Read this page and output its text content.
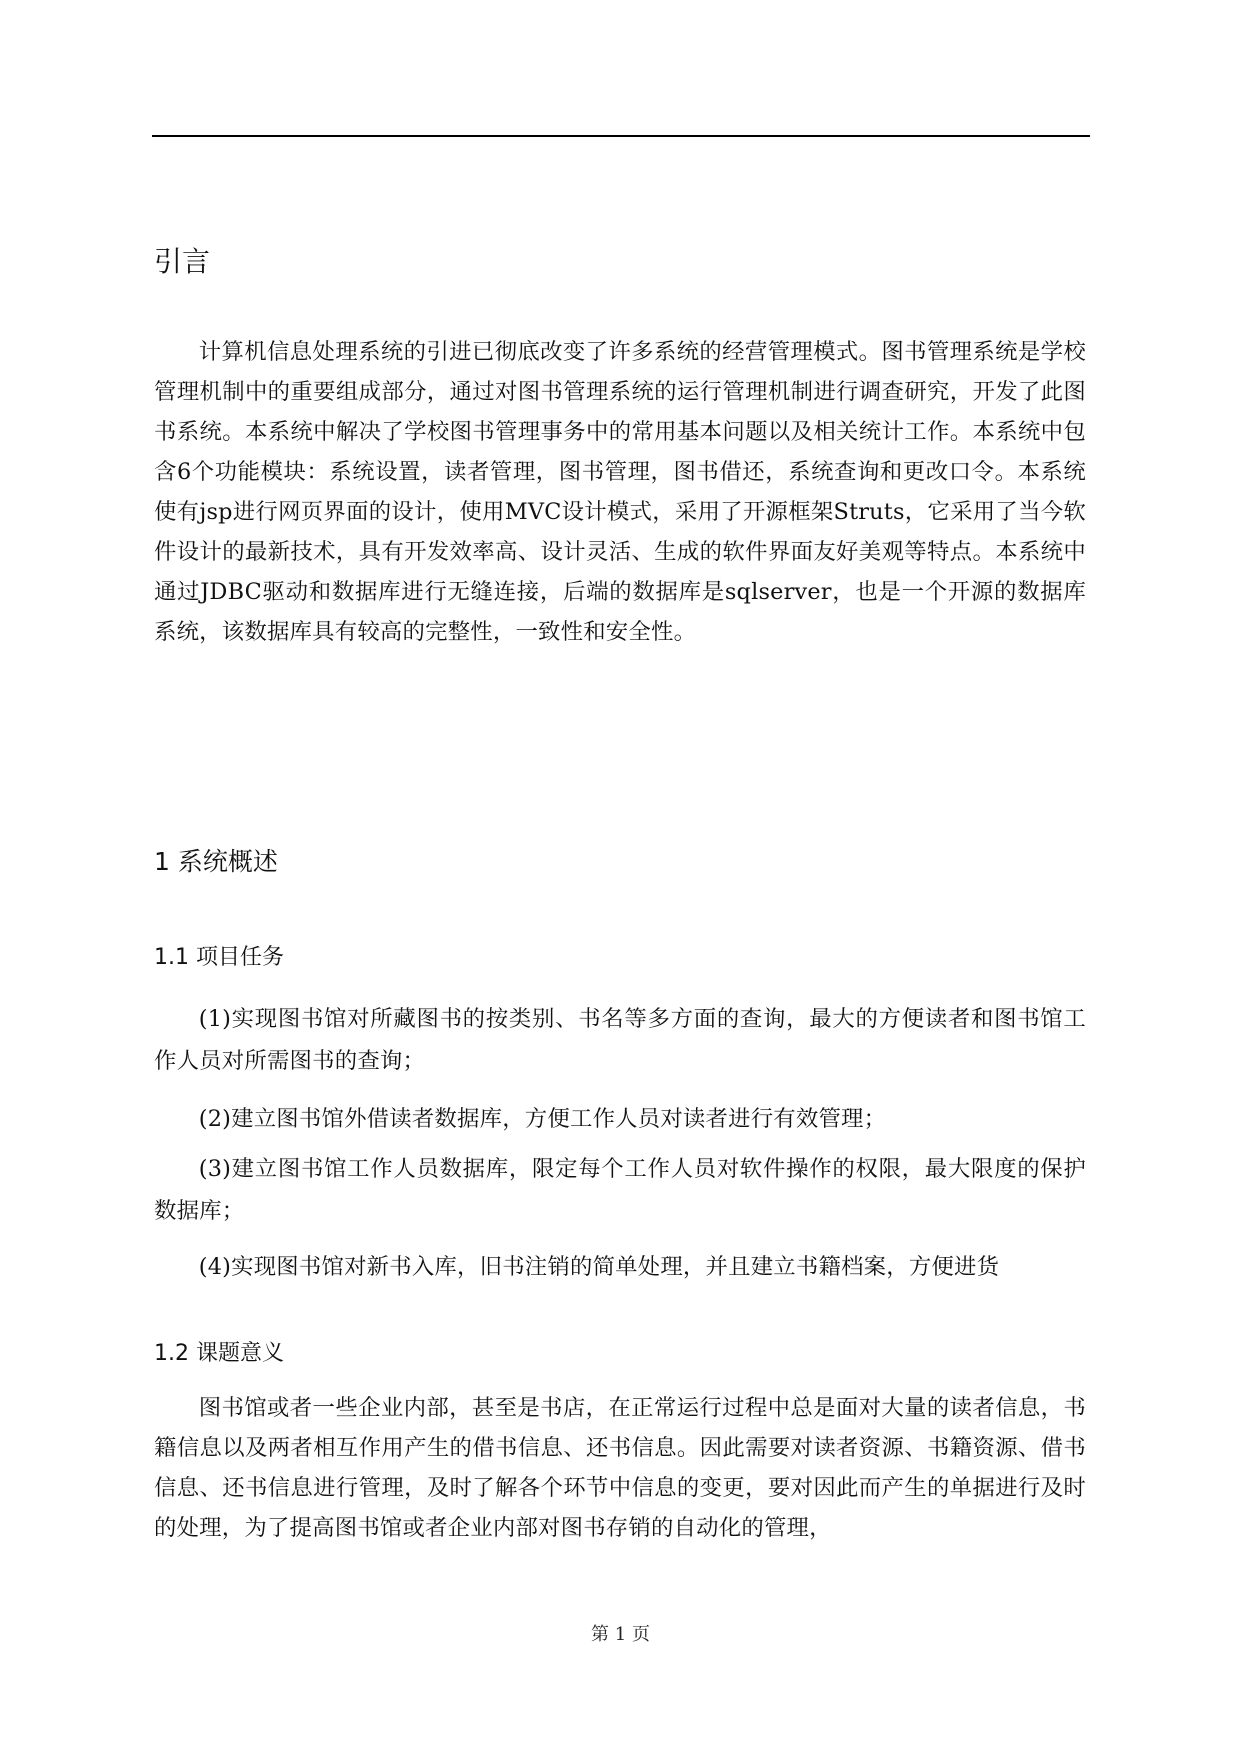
引言

计算机信息处理系统的引进已彻底改变了许多系统的经营管理模式。图书管理系统是学校管理机制中的重要组成部分，通过对图书管理系统的运行管理机制进行调查研究，开发了此图书系统。本系统中解决了学校图书管理事务中的常用基本问题以及相关统计工作。本系统中包含6个功能模块：系统设置，读者管理，图书管理，图书借还，系统查询和更改口令。本系统使有jsp进行网页界面的设计，使用MVC设计模式，采用了开源框架Struts，它采用了当今软件设计的最新技术，具有开发效率高、设计灵活、生成的软件界面友好美观等特点。本系统中通过JDBC驱动和数据库进行无缝连接，后端的数据库是sqlserver，也是一个开源的数据库系统，该数据库具有较高的完整性，一致性和安全性。

1 系统概述
1.1 项目任务

(1)实现图书馆对所藏图书的按类别、书名等多方面的查询，最大的方便读者和图书馆工作人员对所需图书的查询；

(2)建立图书馆外借读者数据库，方便工作人员对读者进行有效管理；

(3)建立图书馆工作人员数据库，限定每个工作人员对软件操作的权限，最大限度的保护数据库；

(4)实现图书馆对新书入库，旧书注销的简单处理，并且建立书籍档案，方便进货

1.2 课题意义

图书馆或者一些企业内部，甚至是书店，在正常运行过程中总是面对大量的读者信息，书籍信息以及两者相互作用产生的借书信息、还书信息。因此需要对读者资源、书籍资源、借书信息、还书信息进行管理，及时了解各个环节中信息的变更，要对因此而产生的单据进行及时的处理，为了提高图书馆或者企业内部对图书存销的自动化的管理，

第 1 页
